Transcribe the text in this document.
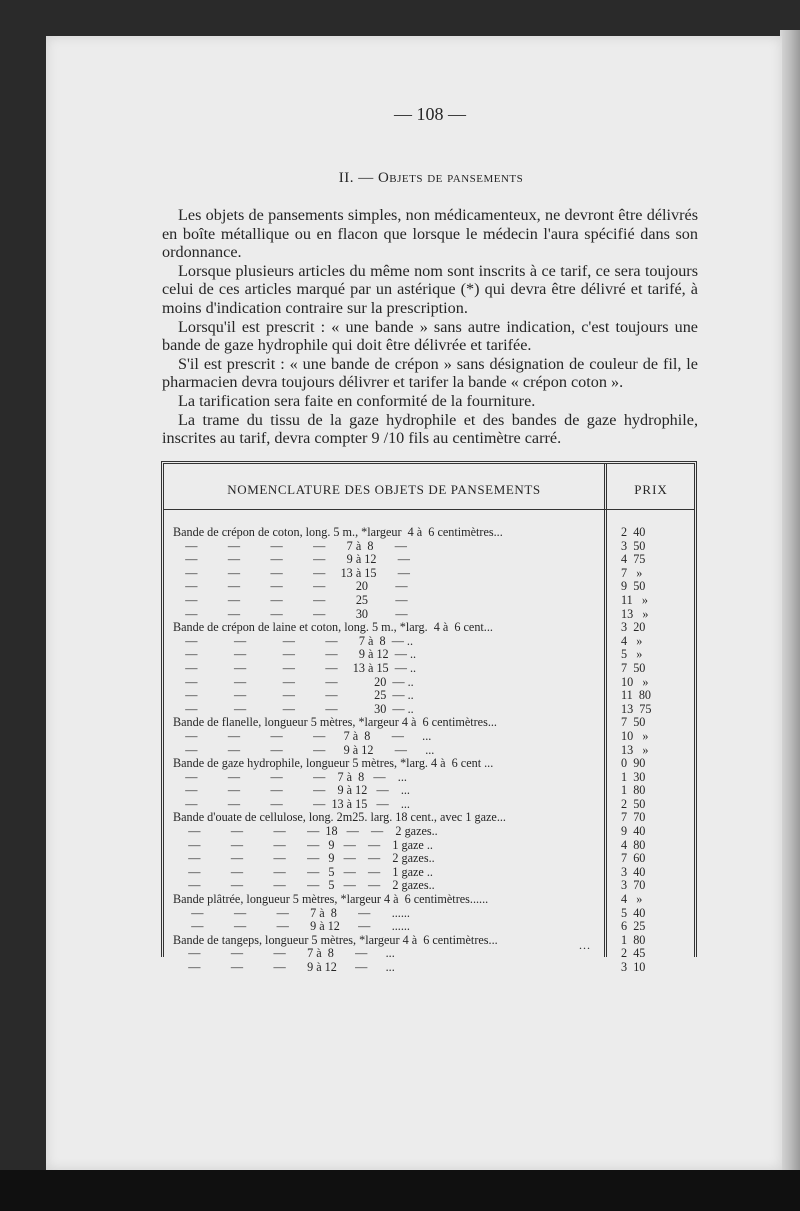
— 108 —
II. — Objets de pansements

Les objets de pansements simples, non médicamenteux, ne devront être délivrés en boîte métallique ou en flacon que lorsque le médecin l'aura spécifié dans son ordonnance.

Lorsque plusieurs articles du même nom sont inscrits à ce tarif, ce sera toujours celui de ces articles marqué par un astérique (*) qui devra être délivré et tarifé, à moins d'indication contraire sur la prescription.

Lorsqu'il est prescrit : « une bande » sans autre indication, c'est toujours une bande de gaze hydrophile qui doit être délivrée et tarifée.

S'il est prescrit : « une bande de crépon » sans désignation de couleur de fil, le pharmacien devra toujours délivrer et tarifer la bande « crépon coton ».

La tarification sera faite en conformité de la fourniture.

La trame du tissu de la gaze hydrophile et des bandes de gaze hydrophile, inscrites au tarif, devra compter 9 /10 fils au centimètre carré.

NOMENCLATURE DES OBJETS DE PANSEMENTS	PRIX
Bande de crépon de coton, long. 5 m., *largeur  4 à  6 centimètres...	2  40
—          —          —          —       7 à  8       —	3  50
—          —          —          —       9 à 12       —	4  75
—          —          —          —     13 à 15       —	7   »
—          —          —          —          20         —	9  50
—          —          —          —          25         —	11   »
—          —          —          —          30         —	13   »
Bande de crépon de laine et coton, long. 5 m., *larg.  4 à  6 cent...	3  20
—            —            —          —       7 à  8  — ..	4   »
—            —            —          —       9 à 12  — ..	5   »
—            —            —          —     13 à 15  — ..	7  50
—            —            —          —            20  — ..	10   »
—            —            —          —            25  — ..	11  80
—            —            —          —            30  — ..	13  75
Bande de flanelle, longueur 5 mètres, *largeur 4 à  6 centimètres...	7  50
—          —          —          —      7 à  8       —      ...	10   »
—          —          —          —      9 à 12       —      ...	13   »
Bande de gaze hydrophile, longueur 5 mètres, *larg. 4 à  6 cent ...	0  90
—          —          —          —    7 à  8   —    ...	1  30
—          —          —          —    9 à 12   —    ...	1  80
—          —          —          —  13 à 15   —    ...	2  50
Bande d'ouate de cellulose, long. 2m25. larg. 18 cent., avec 1 gaze...	7  70
—          —          —       —  18   —    —    2 gazes..	9  40
—          —          —       —   9   —    —    1 gaze ..	4  80
—          —          —       —   9   —    —    2 gazes..	7  60
—          —          —       —   5   —    —    1 gaze ..	3  40
—          —          —       —   5   —    —    2 gazes..	3  70
Bande plâtrée, longueur 5 mètres, *largeur 4 à  6 centimètres......	4   »
—          —          —       7 à  8       —       ......	5  40
—          —          —       9 à 12      —       ......	6  25
Bande de tangeps, longueur 5 mètres, *largeur 4 à  6 centimètres...	1  80
—          —          —       7 à  8       —      ...	2  45
—          —          —       9 à 12      —      ...	3  10
...
